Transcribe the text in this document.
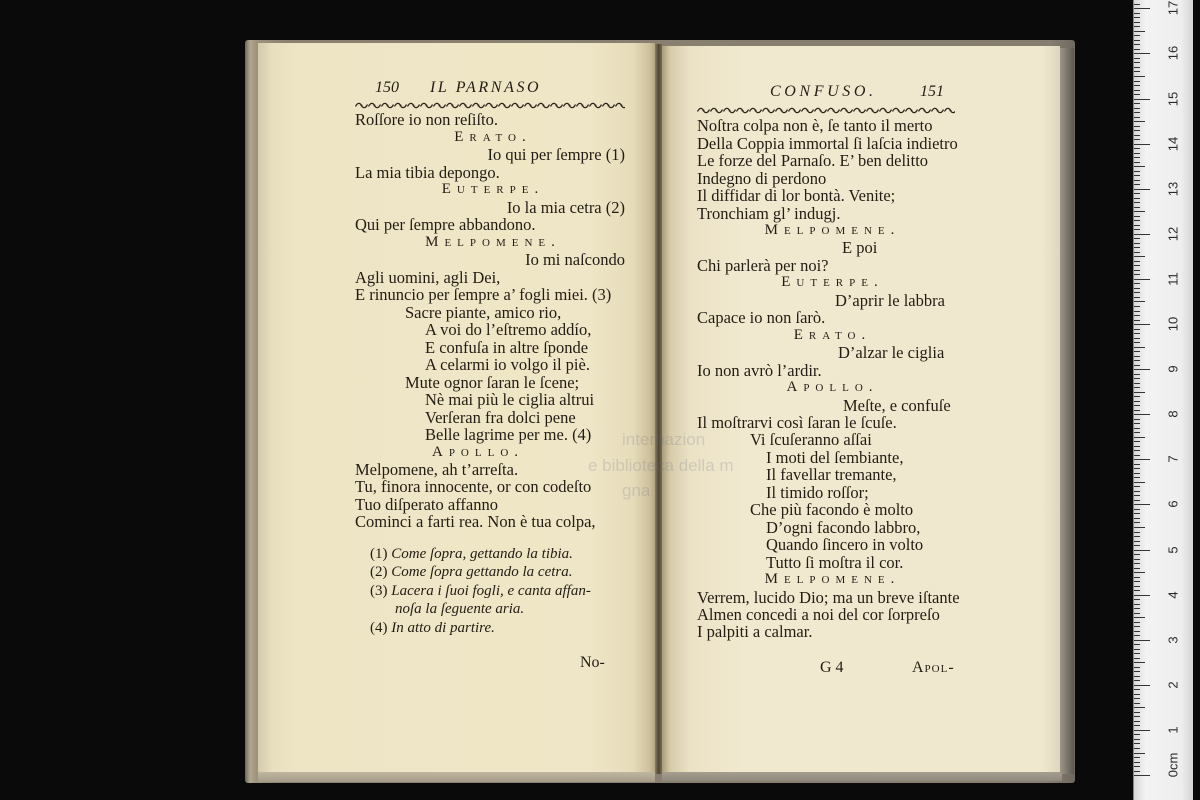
150 IL PARNASO
Roſſore io non reſiſto.
Erato.
Io qui per ſempre (1)
La mia tibia depongo.
Euterpe.
Io la mia cetra (2)
Qui per ſempre abbandono.
Melpomene.
Io mi naſcondo
Agli uomini, agli Dei,
E rinuncio per ſempre a’ fogli miei. (3)
Sacre piante, amico rio,
A voi do l’eſtremo addío,
E confuſa in altre ſponde
A celarmi io volgo il piè.
Mute ognor ſaran le ſcene;
Nè mai più le ciglia altrui
Verſeran fra dolci pene
Belle lagrime per me. (4)
Apollo.
Melpomene, ah t’arreſta.
Tu, finora innocente, or con codeſto
Tuo diſperato affanno
Cominci a farti rea. Non è tua colpa,
(1) Come ſopra, gettando la tibia.
(2) Come ſopra gettando la cetra.
(3) Lacera i ſuoi fogli, e canta affan-
noſa la ſeguente aria.
(4) In atto di partire.
No-
CONFUSO.	151
Noſtra colpa non è, ſe tanto il merto
Della Coppia immortal ſi laſcia indietro
Le forze del Parnaſo. E’ ben delitto
Indegno di perdono
Il diffidar di lor bontà. Venite;
Tronchiam gl’ indugj.
Melpomene.
E poi
Chi parlerà per noi?
Euterpe.
D’aprir le labbra
Capace io non ſarò.
Erato.
D’alzar le ciglia
Io non avrò l’ardir.
Apollo.
Meſte, e confuſe
Il moſtrarvi così ſaran le ſcuſe.
Vi ſcuſeranno aſſai
I moti del ſembiante,
Il favellar tremante,
Il timido roſſor;
Che più facondo è molto
D’ogni facondo labbro,
Quando ſincero in volto
Tutto ſi moſtra il cor.
Melpomene.
Verrem, lucido Dio; ma un breve iſtante
Almen concedi a noi del cor ſorpreſo
I palpiti a calmar.
G 4	Apol-
internazion
e biblioteca della m
gna
0cm
1
2
3
4
5
6
7
8
9
10
11
12
13
14
15
16
17
